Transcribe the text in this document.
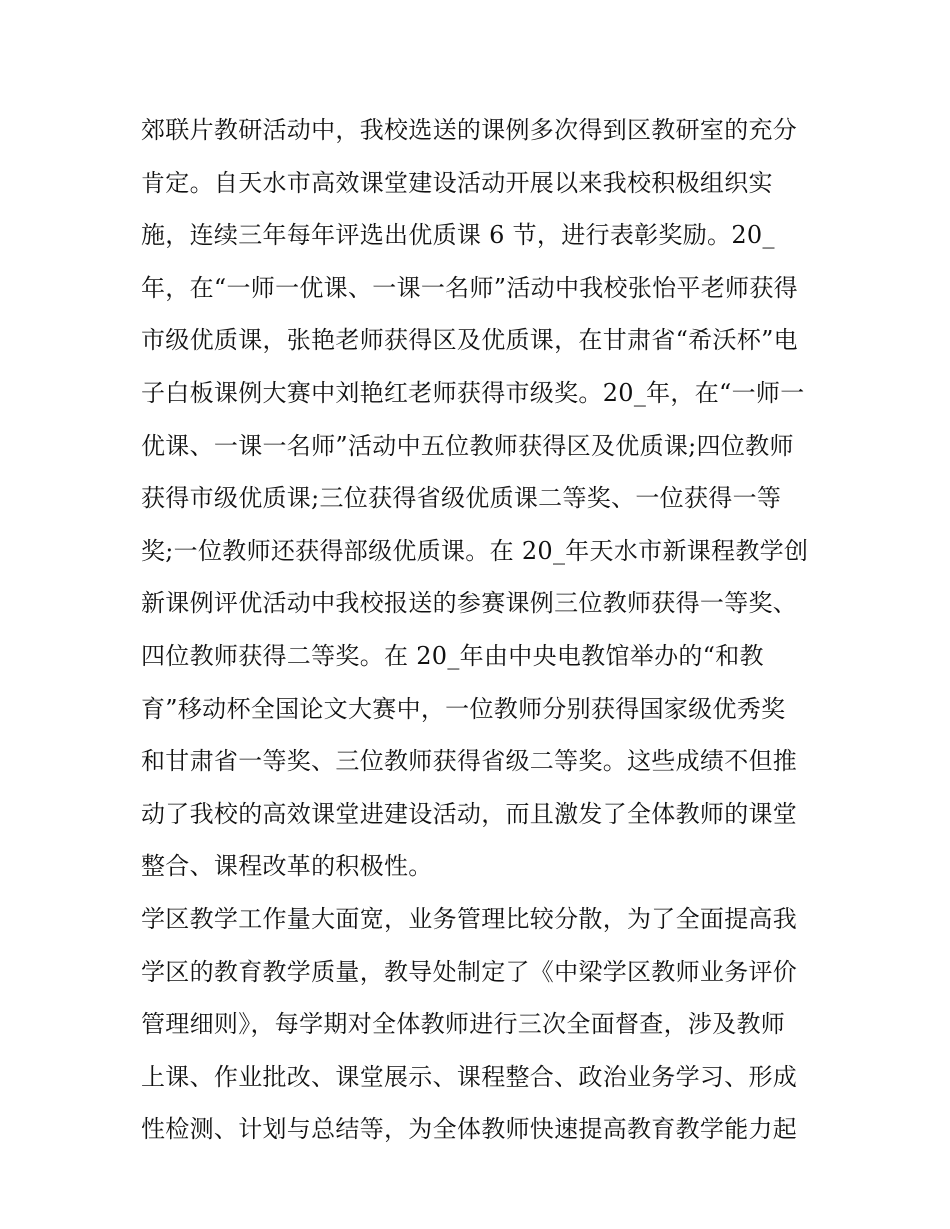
郊联片教研活动中，我校选送的课例多次得到区教研室的充分
肯定。自天水市高效课堂建设活动开展以来我校积极组织实
施，连续三年每年评选出优质课 6 节，进行表彰奖励。20_
年，在“一师一优课、一课一名师”活动中我校张怡平老师获得
市级优质课，张艳老师获得区及优质课，在甘肃省“希沃杯”电
子白板课例大赛中刘艳红老师获得市级奖。20_年，在“一师一
优课、一课一名师”活动中五位教师获得区及优质课;四位教师
获得市级优质课;三位获得省级优质课二等奖、一位获得一等
奖;一位教师还获得部级优质课。在 20_年天水市新课程教学创
新课例评优活动中我校报送的参赛课例三位教师获得一等奖、
四位教师获得二等奖。在 20_年由中央电教馆举办的“和教
育”移动杯全国论文大赛中，一位教师分别获得国家级优秀奖
和甘肃省一等奖、三位教师获得省级二等奖。这些成绩不但推
动了我校的高效课堂进建设活动，而且激发了全体教师的课堂
整合、课程改革的积极性。
学区教学工作量大面宽，业务管理比较分散，为了全面提高我
学区的教育教学质量，教导处制定了《中梁学区教师业务评价
管理细则》，每学期对全体教师进行三次全面督查，涉及教师
上课、作业批改、课堂展示、课程整合、政治业务学习、形成
性检测、计划与总结等，为全体教师快速提高教育教学能力起
